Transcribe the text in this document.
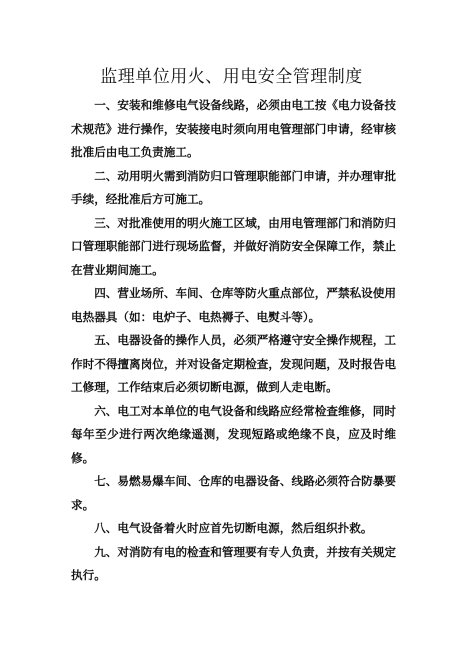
监理单位用火、用电安全管理制度

一、安装和维修电气设备线路，必须由电工按《电力设备技术规范》进行操作，安装接电时须向用电管理部门申请，经审核批准后由电工负责施工。

二、动用明火需到消防归口管理职能部门申请，并办理审批手续，经批准后方可施工。

三、对批准使用的明火施工区域，由用电管理部门和消防归口管理职能部门进行现场监督，并做好消防安全保障工作，禁止在营业期间施工。

四、营业场所、车间、仓库等防火重点部位，严禁私设使用电热器具（如：电炉子、电热褥子、电熨斗等）。

五、电器设备的操作人员，必须严格遵守安全操作规程，工作时不得擅离岗位，并对设备定期检查，发现问题，及时报告电工修理，工作结束后必须切断电源，做到人走电断。

六、电工对本单位的电气设备和线路应经常检查维修，同时每年至少进行两次绝缘遥测，发现短路或绝缘不良，应及时维修。

七、易燃易爆车间、仓库的电器设备、线路必须符合防暴要求。

八、电气设备着火时应首先切断电源，然后组织扑救。

九、对消防有电的检查和管理要有专人负责，并按有关规定执行。
